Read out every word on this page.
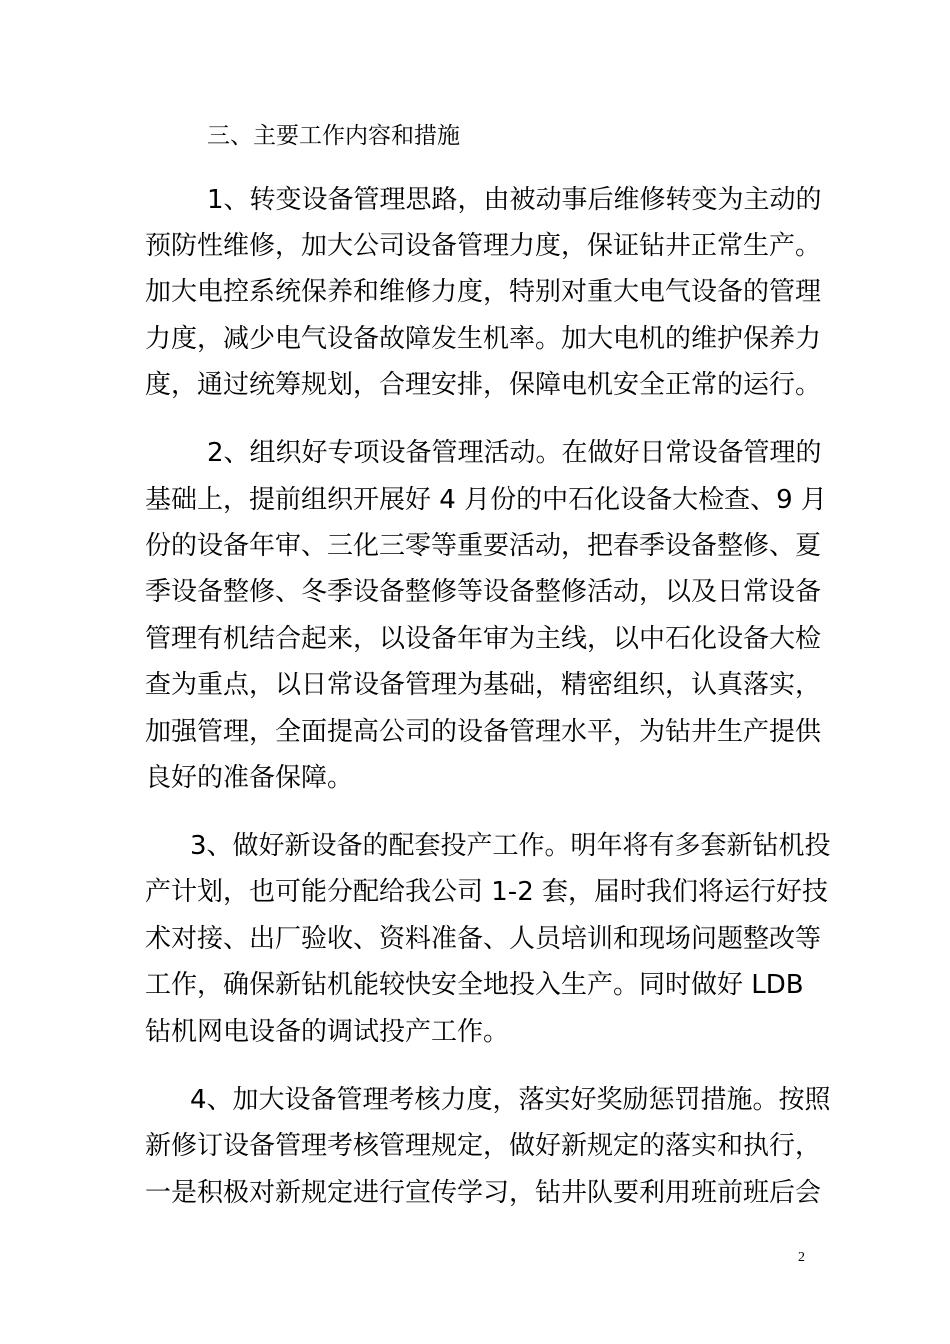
三、主要工作内容和措施
1、转变设备管理思路，由被动事后维修转变为主动的
预防性维修，加大公司设备管理力度，保证钻井正常生产。
加大电控系统保养和维修力度，特别对重大电气设备的管理
力度，减少电气设备故障发生机率。加大电机的维护保养力
度，通过统筹规划，合理安排，保障电机安全正常的运行。
2、组织好专项设备管理活动。在做好日常设备管理的
基础上，提前组织开展好 4 月份的中石化设备大检查、9 月
份的设备年审、三化三零等重要活动，把春季设备整修、夏
季设备整修、冬季设备整修等设备整修活动，以及日常设备
管理有机结合起来，以设备年审为主线，以中石化设备大检
查为重点，以日常设备管理为基础，精密组织，认真落实，
加强管理，全面提高公司的设备管理水平，为钻井生产提供
良好的准备保障。
3、做好新设备的配套投产工作。明年将有多套新钻机投
产计划，也可能分配给我公司 1-2 套，届时我们将运行好技
术对接、出厂验收、资料准备、人员培训和现场问题整改等
工作，确保新钻机能较快安全地投入生产。同时做好 LDB
钻机网电设备的调试投产工作。
4、加大设备管理考核力度，落实好奖励惩罚措施。按照
新修订设备管理考核管理规定，做好新规定的落实和执行，
一是积极对新规定进行宣传学习，钻井队要利用班前班后会
2
